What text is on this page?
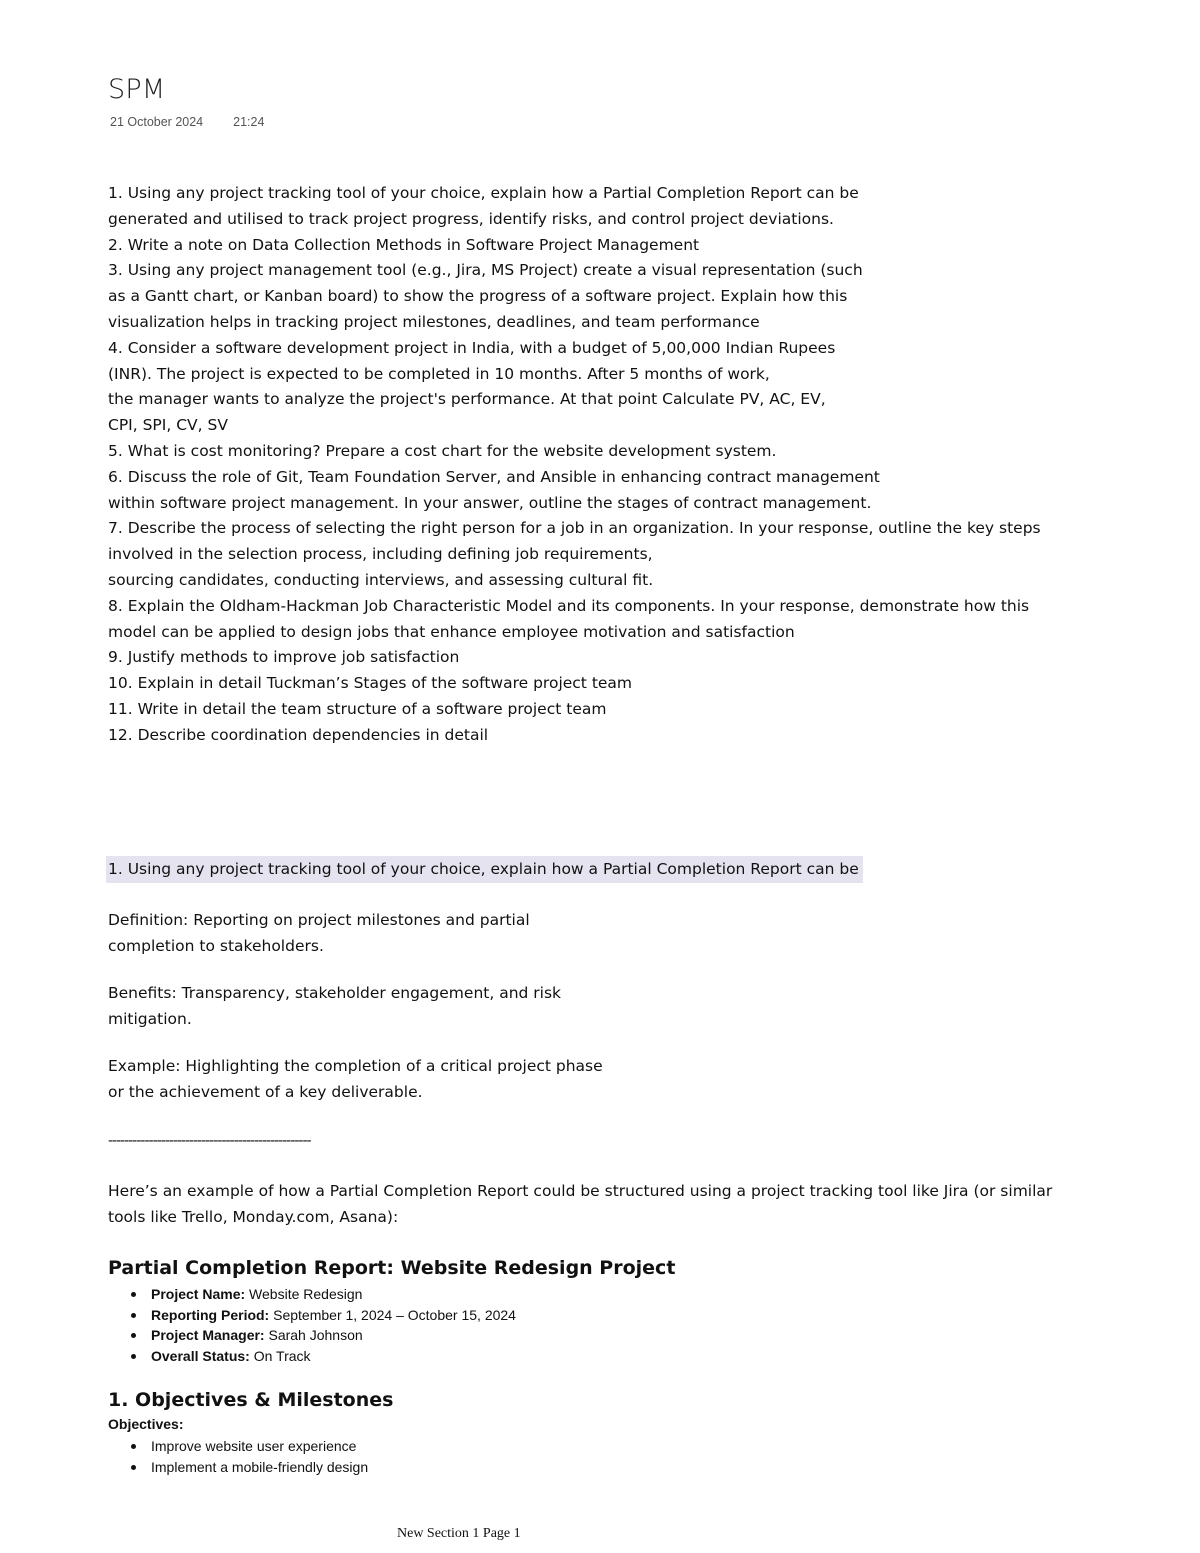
SPM
21 October 2024 21:24
1. Using any project tracking tool of your choice, explain how a Partial Completion Report can be
generated and utilised to track project progress, identify risks, and control project deviations.
2. Write a note on Data Collection Methods in Software Project Management
3. Using any project management tool (e.g., Jira, MS Project) create a visual representation (such
as a Gantt chart, or Kanban board) to show the progress of a software project. Explain how this
visualization helps in tracking project milestones, deadlines, and team performance
4. Consider a software development project in India, with a budget of 5,00,000 Indian Rupees
(INR). The project is expected to be completed in 10 months. After 5 months of work,
the manager wants to analyze the project's performance. At that point Calculate PV, AC, EV,
CPI, SPI, CV, SV
5. What is cost monitoring? Prepare a cost chart for the website development system.
6. Discuss the role of Git, Team Foundation Server, and Ansible in enhancing contract management
within software project management. In your answer, outline the stages of contract management.
7. Describe the process of selecting the right person for a job in an organization. In your response, outline the key steps
involved in the selection process, including defining job requirements,
sourcing candidates, conducting interviews, and assessing cultural fit.
8. Explain the Oldham-Hackman Job Characteristic Model and its components. In your response, demonstrate how this
model can be applied to design jobs that enhance employee motivation and satisfaction
9. Justify methods to improve job satisfaction
10. Explain in detail Tuckman’s Stages of the software project team
11. Write in detail the team structure of a software project team
12. Describe coordination dependencies in detail
1. Using any project tracking tool of your choice, explain how a Partial Completion Report can be
Definition: Reporting on project milestones and partial
completion to stakeholders.
Benefits: Transparency, stakeholder engagement, and risk
mitigation.
Example: Highlighting the completion of a critical project phase
or the achievement of a key deliverable.
--------------------------------------------------
Here’s an example of how a Partial Completion Report could be structured using a project tracking tool like Jira (or similar
tools like Trello, Monday.com, Asana):
Partial Completion Report: Website Redesign Project
Project Name: Website Redesign
Reporting Period: September 1, 2024 – October 15, 2024
Project Manager: Sarah Johnson
Overall Status: On Track
1. Objectives & Milestones
Objectives:
Improve website user experience
Implement a mobile-friendly design
New Section 1 Page 1
